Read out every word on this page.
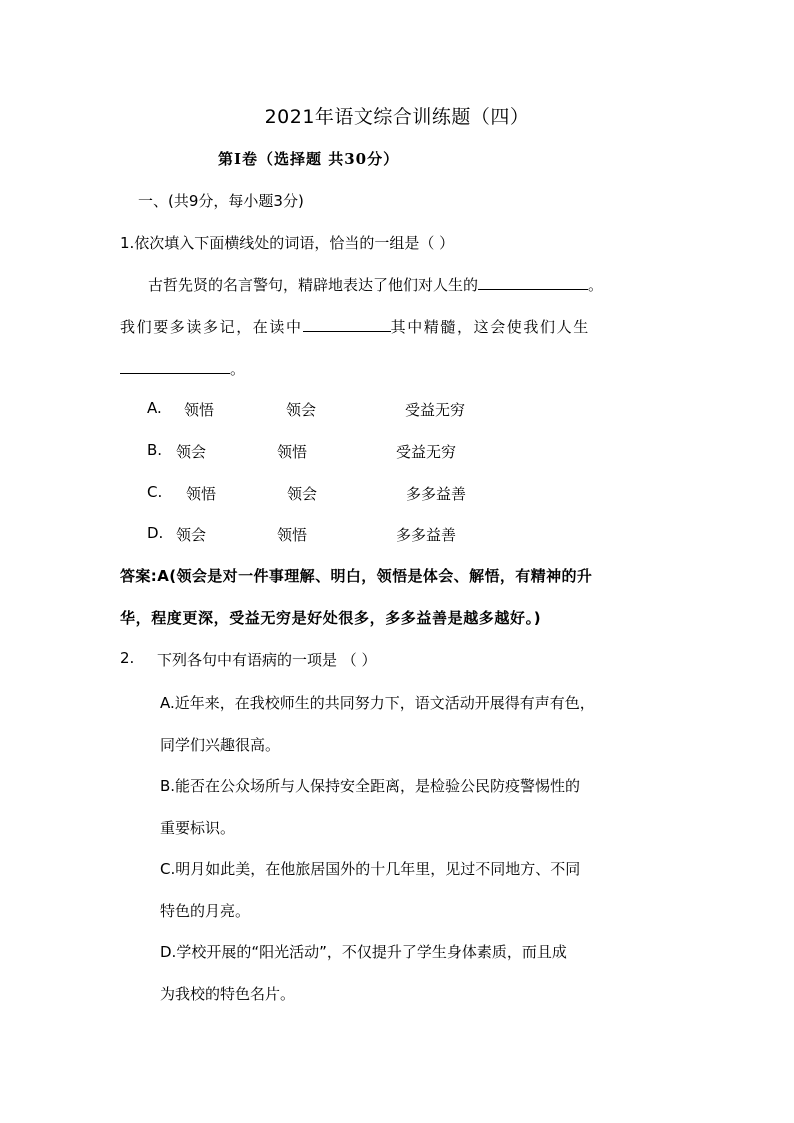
2021年语文综合训练题（四）
第Ⅰ卷（选择题 共30分）
一、(共9分，每小题3分)
1.依次填入下面横线处的词语，恰当的一组是（ ）
古哲先贤的名言警句，精辟地表达了他们对人生的	。
我们要多读多记，在读中	其中精髓，这会使我们人生
。
A. 领悟	领会	受益无穷
B. 领会	领悟	受益无穷
C. 领悟	领会	多多益善
D. 领会	领悟	多多益善
答案:A(领会是对一件事理解、明白，领悟是体会、解悟，有精神的升
华，程度更深，受益无穷是好处很多，多多益善是越多越好。)
2. 下列各句中有语病的一项是 （ ）
A.近年来，在我校师生的共同努力下，语文活动开展得有声有色，
同学们兴趣很高。
B.能否在公众场所与人保持安全距离，是检验公民防疫警惕性的
重要标识。
C.明月如此美，在他旅居国外的十几年里，见过不同地方、不同
特色的月亮。
D.学校开展的“阳光活动”，不仅提升了学生身体素质，而且成
为我校的特色名片。
